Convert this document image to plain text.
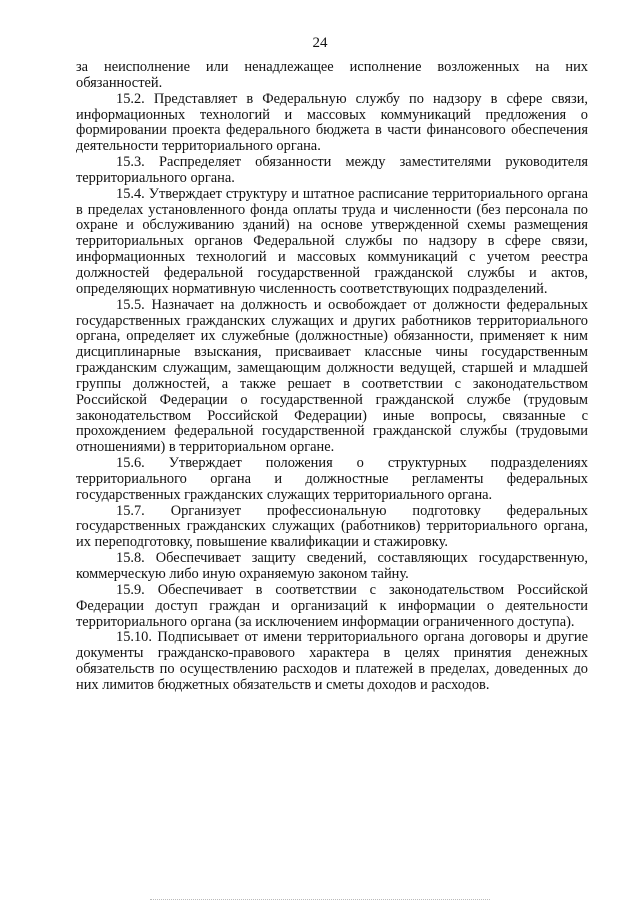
24

за неисполнение или ненадлежащее исполнение возложенных на них обязанностей.

15.2. Представляет в Федеральную службу по надзору в сфере связи, информационных технологий и массовых коммуникаций предложения о формировании проекта федерального бюджета в части финансового обеспечения деятельности территориального органа.

15.3. Распределяет обязанности между заместителями руководителя территориального органа.

15.4. Утверждает структуру и штатное расписание территориального органа в пределах установленного фонда оплаты труда и численности (без персонала по охране и обслуживанию зданий) на основе утвержденной схемы размещения территориальных органов Федеральной службы по надзору в сфере связи, информационных технологий и массовых коммуникаций с учетом реестра должностей федеральной государственной гражданской службы и актов, определяющих нормативную численность соответствующих подразделений.

15.5. Назначает на должность и освобождает от должности федеральных государственных гражданских служащих и других работников территориального органа, определяет их служебные (должностные) обязанности, применяет к ним дисциплинарные взыскания, присваивает классные чины государственным гражданским служащим, замещающим должности ведущей, старшей и младшей группы должностей, а также решает в соответствии с законодательством Российской Федерации о государственной гражданской службе (трудовым законодательством Российской Федерации) иные вопросы, связанные с прохождением федеральной государственной гражданской службы (трудовыми отношениями) в территориальном органе.

15.6. Утверждает положения о структурных подразделениях территориального органа и должностные регламенты федеральных государственных гражданских служащих территориального органа.

15.7. Организует профессиональную подготовку федеральных государственных гражданских служащих (работников) территориального органа, их переподготовку, повышение квалификации и стажировку.

15.8. Обеспечивает защиту сведений, составляющих государственную, коммерческую либо иную охраняемую законом тайну.

15.9. Обеспечивает в соответствии с законодательством Российской Федерации доступ граждан и организаций к информации о деятельности территориального органа (за исключением информации ограниченного доступа).

15.10. Подписывает от имени территориального органа договоры и другие документы гражданско-правового характера в целях принятия денежных обязательств по осуществлению расходов и платежей в пределах, доведенных до них лимитов бюджетных обязательств и сметы доходов и расходов.
